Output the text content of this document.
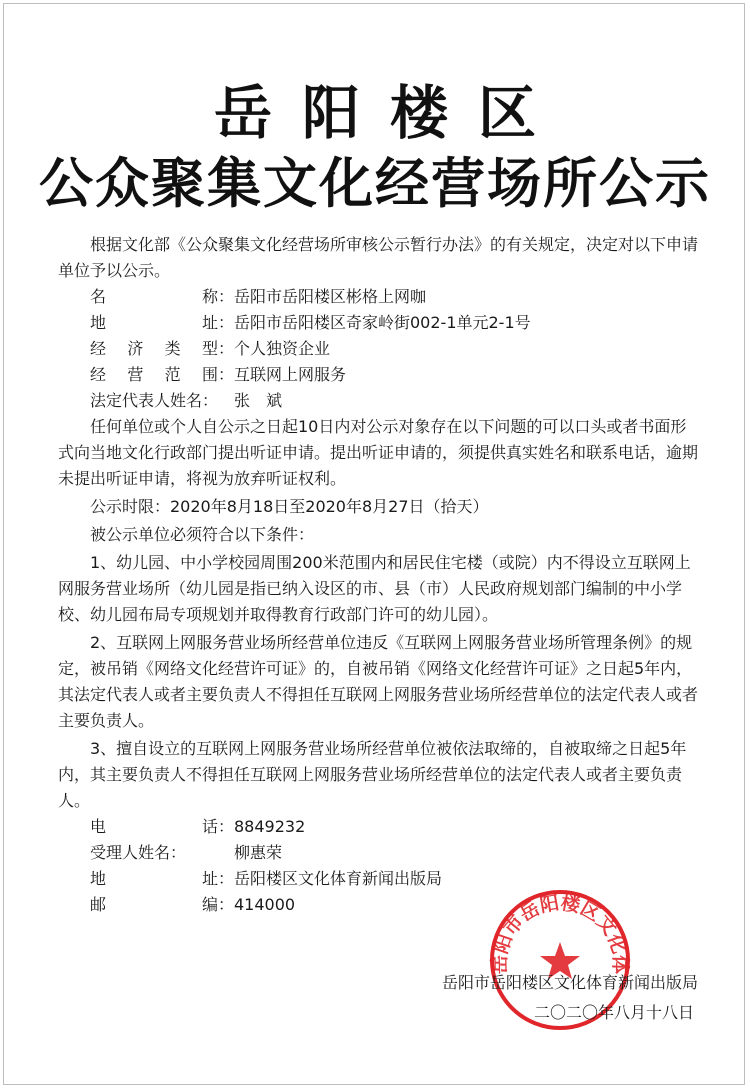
岳阳楼区
公众聚集文化经营场所公示

根据文化部《公众聚集文化经营场所审核公示暂行办法》的有关规定，决定对以下申请单位予以公示。

名	称： 岳阳市岳阳楼区彬格上网咖
地	址： 岳阳市岳阳楼区奇家岭街002-1单元2-1号
经 济 类 型： 个人独资企业
经 营 范 围： 互联网上网服务
法定代表人姓名： 张　斌

任何单位或个人自公示之日起10日内对公示对象存在以下问题的可以口头或者书面形式向当地文化行政部门提出听证申请。提出听证申请的，须提供真实姓名和联系电话，逾期未提出听证申请，将视为放弃听证权利。

公示时限：2020年8月18日至2020年8月27日（拾天）

被公示单位必须符合以下条件：

1、幼儿园、中小学校园周围200米范围内和居民住宅楼（或院）内不得设立互联网上网服务营业场所（幼儿园是指已纳入设区的市、县（市）人民政府规划部门编制的中小学校、幼儿园布局专项规划并取得教育行政部门许可的幼儿园）。

2、互联网上网服务营业场所经营单位违反《互联网上网服务营业场所管理条例》的规定，被吊销《网络文化经营许可证》的，自被吊销《网络文化经营许可证》之日起5年内，其法定代表人或者主要负责人不得担任互联网上网服务营业场所经营单位的法定代表人或者主要负责人。

3、擅自设立的互联网上网服务营业场所经营单位被依法取缔的，自被取缔之日起5年内，其主要负责人不得担任互联网上网服务营业场所经营单位的法定代表人或者主要负责人。

电	话： 8849232
受理人姓名：	柳惠荣
地	址： 岳阳楼区文化体育新闻出版局
邮	编： 414000
岳阳市岳阳楼区文化体
岳阳市岳阳楼区文化体育新闻出版局
二〇二〇年八月十八日
